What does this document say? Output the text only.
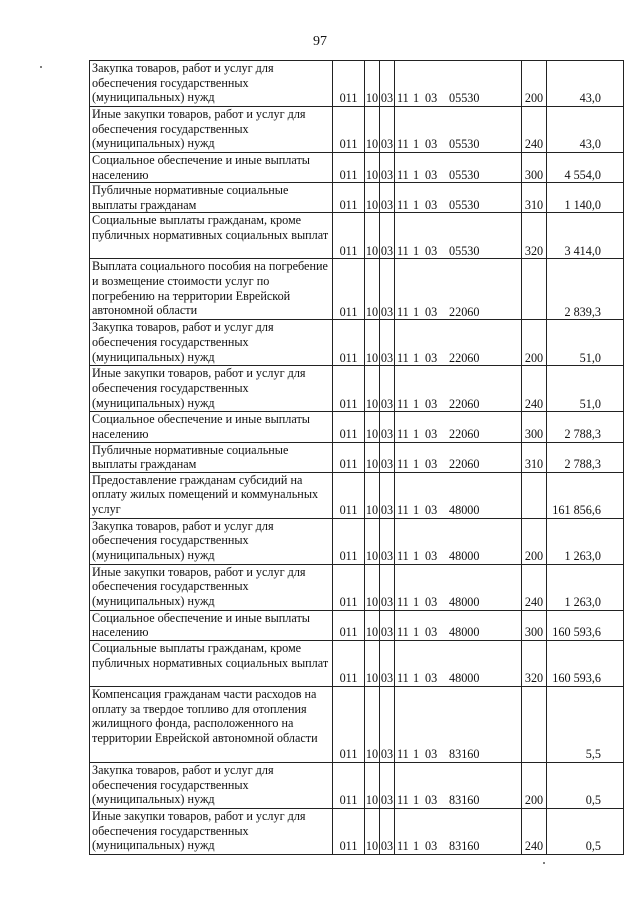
97
Закупка товаров, работ и услуг для обеспечения государственных (муниципальных) нужд	011	10	03	11 1 03 05530	200	43,0
Иные закупки товаров, работ и услуг для обеспечения государственных (муниципальных) нужд	011	10	03	11 1 03 05530	240	43,0
Социальное обеспечение и иные выплаты населению	011	10	03	11 1 03 05530	300	4 554,0
Публичные нормативные социальные выплаты гражданам	011	10	03	11 1 03 05530	310	1 140,0
Социальные выплаты гражданам, кроме публичных нормативных социальных выплат	011	10	03	11 1 03 05530	320	3 414,0
Выплата социального пособия на погребение и возмещение стоимости услуг по погребению на территории Еврейской автономной области	011	10	03	11 1 03 22060		2 839,3
Закупка товаров, работ и услуг для обеспечения государственных (муниципальных) нужд	011	10	03	11 1 03 22060	200	51,0
Иные закупки товаров, работ и услуг для обеспечения государственных (муниципальных) нужд	011	10	03	11 1 03 22060	240	51,0
Социальное обеспечение и иные выплаты населению	011	10	03	11 1 03 22060	300	2 788,3
Публичные нормативные социальные выплаты гражданам	011	10	03	11 1 03 22060	310	2 788,3
Предоставление гражданам субсидий на оплату жилых помещений и коммунальных услуг	011	10	03	11 1 03 48000		161 856,6
Закупка товаров, работ и услуг для обеспечения государственных (муниципальных) нужд	011	10	03	11 1 03 48000	200	1 263,0
Иные закупки товаров, работ и услуг для обеспечения государственных (муниципальных) нужд	011	10	03	11 1 03 48000	240	1 263,0
Социальное обеспечение и иные выплаты населению	011	10	03	11 1 03 48000	300	160 593,6
Социальные выплаты гражданам, кроме публичных нормативных социальных выплат	011	10	03	11 1 03 48000	320	160 593,6
Компенсация гражданам части расходов на оплату за твердое топливо для отопления жилищного фонда, расположенного на территории Еврейской автономной области	011	10	03	11 1 03 83160		5,5
Закупка товаров, работ и услуг для обеспечения государственных (муниципальных) нужд	011	10	03	11 1 03 83160	200	0,5
Иные закупки товаров, работ и услуг для обеспечения государственных (муниципальных) нужд	011	10	03	11 1 03 83160	240	0,5
